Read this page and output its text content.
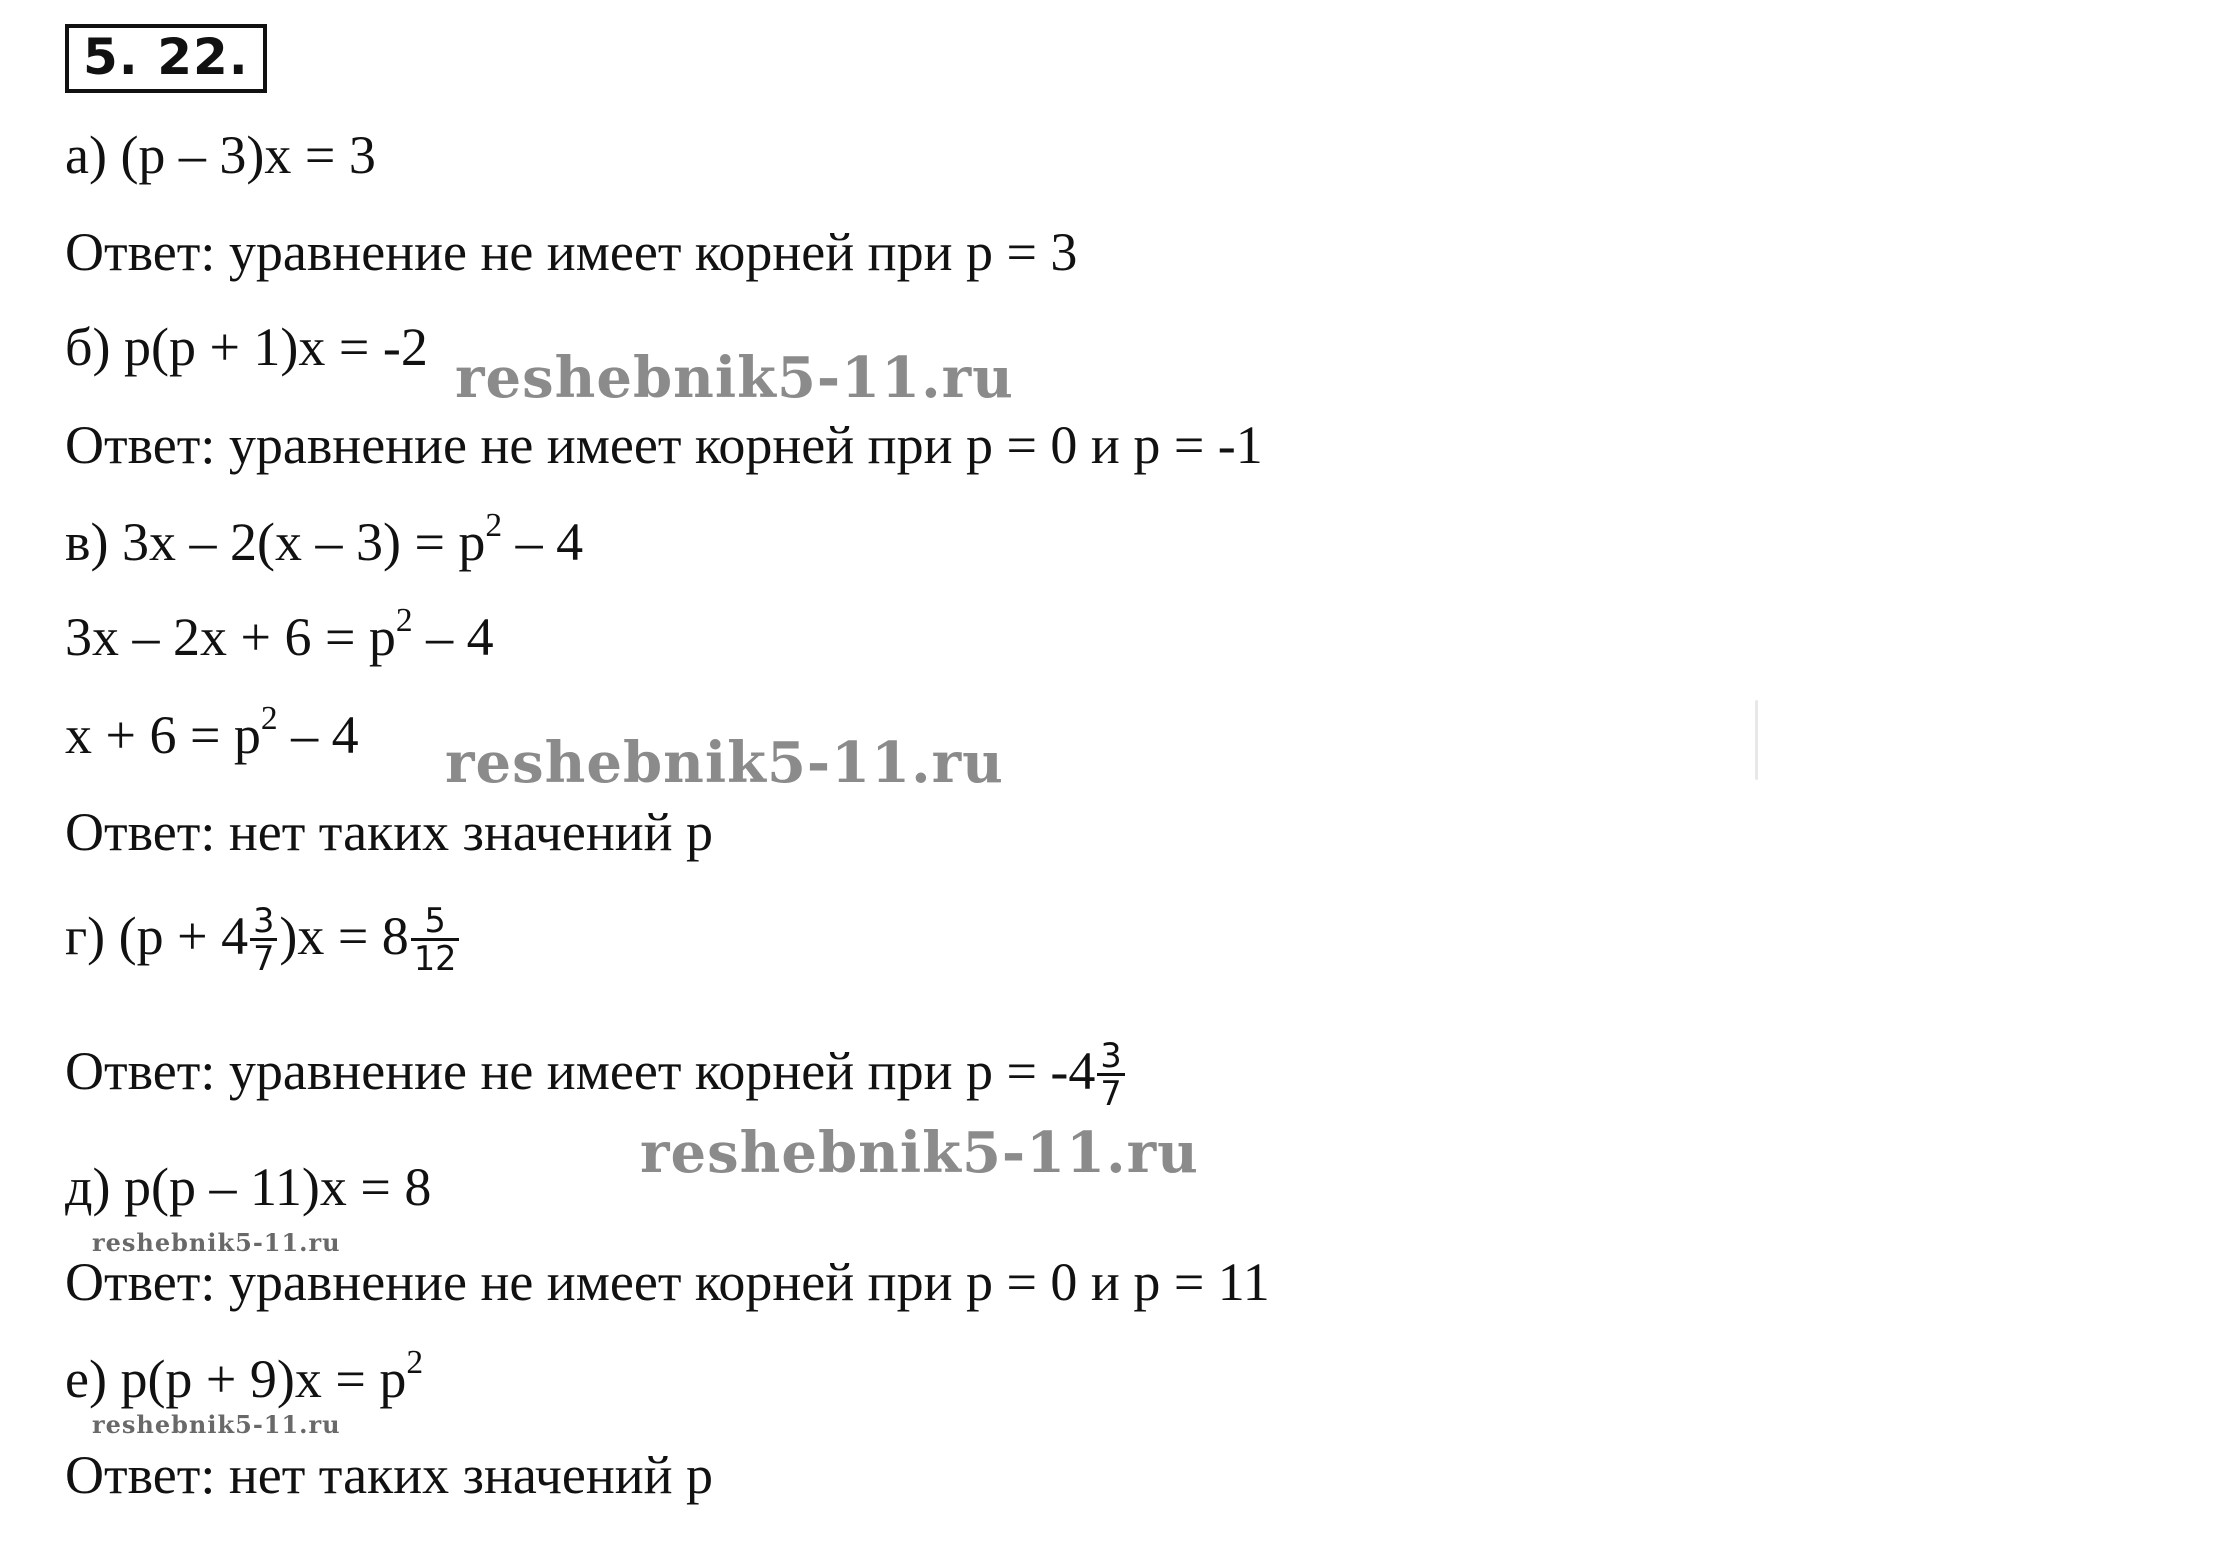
5. 22.
а) (p – 3)x = 3
Ответ: уравнение не имеет корней при p = 3
б) p(p + 1)x = -2
Ответ: уравнение не имеет корней при p = 0 и p = -1
в) $3x - 2(x - 3) = p^2 - 4$
$3x - 2x + 6 = p^2 - 4$
$x + 6 = p^2 - 4$
Ответ: нет таких значений p
г) $(p + 4 \frac{3}{7} )x = 8 \frac{5}{12}$
Ответ: уравнение не имеет корней при $p = -4 \frac{3}{7}$
д) p(p – 11)x = 8
Ответ: уравнение не имеет корней при p = 0 и p = 11
е) $p(p + 9)x = p^2$
Ответ: нет таких значений p
reshebnik5-11.ru
reshebnik5-11.ru
reshebnik5-11.ru
reshebnik5-11.ru
reshebnik5-11.ru
